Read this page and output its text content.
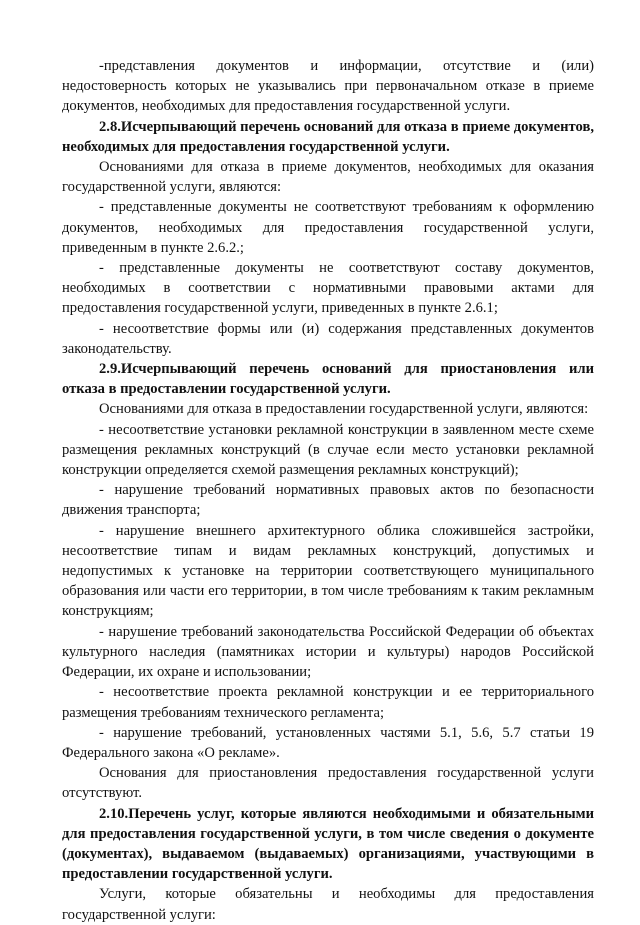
-представления документов и информации, отсутствие и (или) недостоверность которых не указывались при первоначальном отказе в приеме документов, необходимых для предоставления государственной услуги.

2.8.Исчерпывающий перечень оснований для отказа в приеме документов, необходимых для предоставления государственной услуги.

Основаниями для отказа в приеме документов, необходимых для оказания государственной услуги, являются:

- представленные документы не соответствуют требованиям к оформлению документов, необходимых для предоставления государственной услуги, приведенным в пункте 2.6.2.;

- представленные документы не соответствуют составу документов, необходимых в соответствии с нормативными правовыми актами для предоставления государственной услуги, приведенных в пункте 2.6.1;

- несоответствие формы или (и) содержания представленных документов законодательству.

2.9.Исчерпывающий перечень оснований для приостановления или отказа в предоставлении государственной услуги.

Основаниями для отказа в предоставлении государственной услуги, являются:

- несоответствие установки рекламной конструкции в заявленном месте схеме размещения рекламных конструкций (в случае если место установки рекламной конструкции определяется схемой размещения рекламных конструкций);

- нарушение требований нормативных правовых актов по безопасности движения транспорта;

- нарушение внешнего архитектурного облика сложившейся застройки, несоответствие типам и видам рекламных конструкций, допустимых и недопустимых к установке на территории соответствующего муниципального образования или части его территории, в том числе требованиям к таким рекламным конструкциям;

- нарушение требований законодательства Российской Федерации об объектах культурного наследия (памятниках истории и культуры) народов Российской Федерации, их охране и использовании;

- несоответствие проекта рекламной конструкции и ее территориального размещения требованиям технического регламента;

- нарушение требований, установленных частями 5.1, 5.6, 5.7 статьи 19 Федерального закона «О рекламе».

Основания для приостановления предоставления государственной услуги отсутствуют.

2.10.Перечень услуг, которые являются необходимыми и обязательными для предоставления государственной услуги, в том числе сведения о документе (документах), выдаваемом (выдаваемых) организациями, участвующими в предоставлении государственной услуги.

Услуги, которые обязательны и необходимы для предоставления государственной услуги:
